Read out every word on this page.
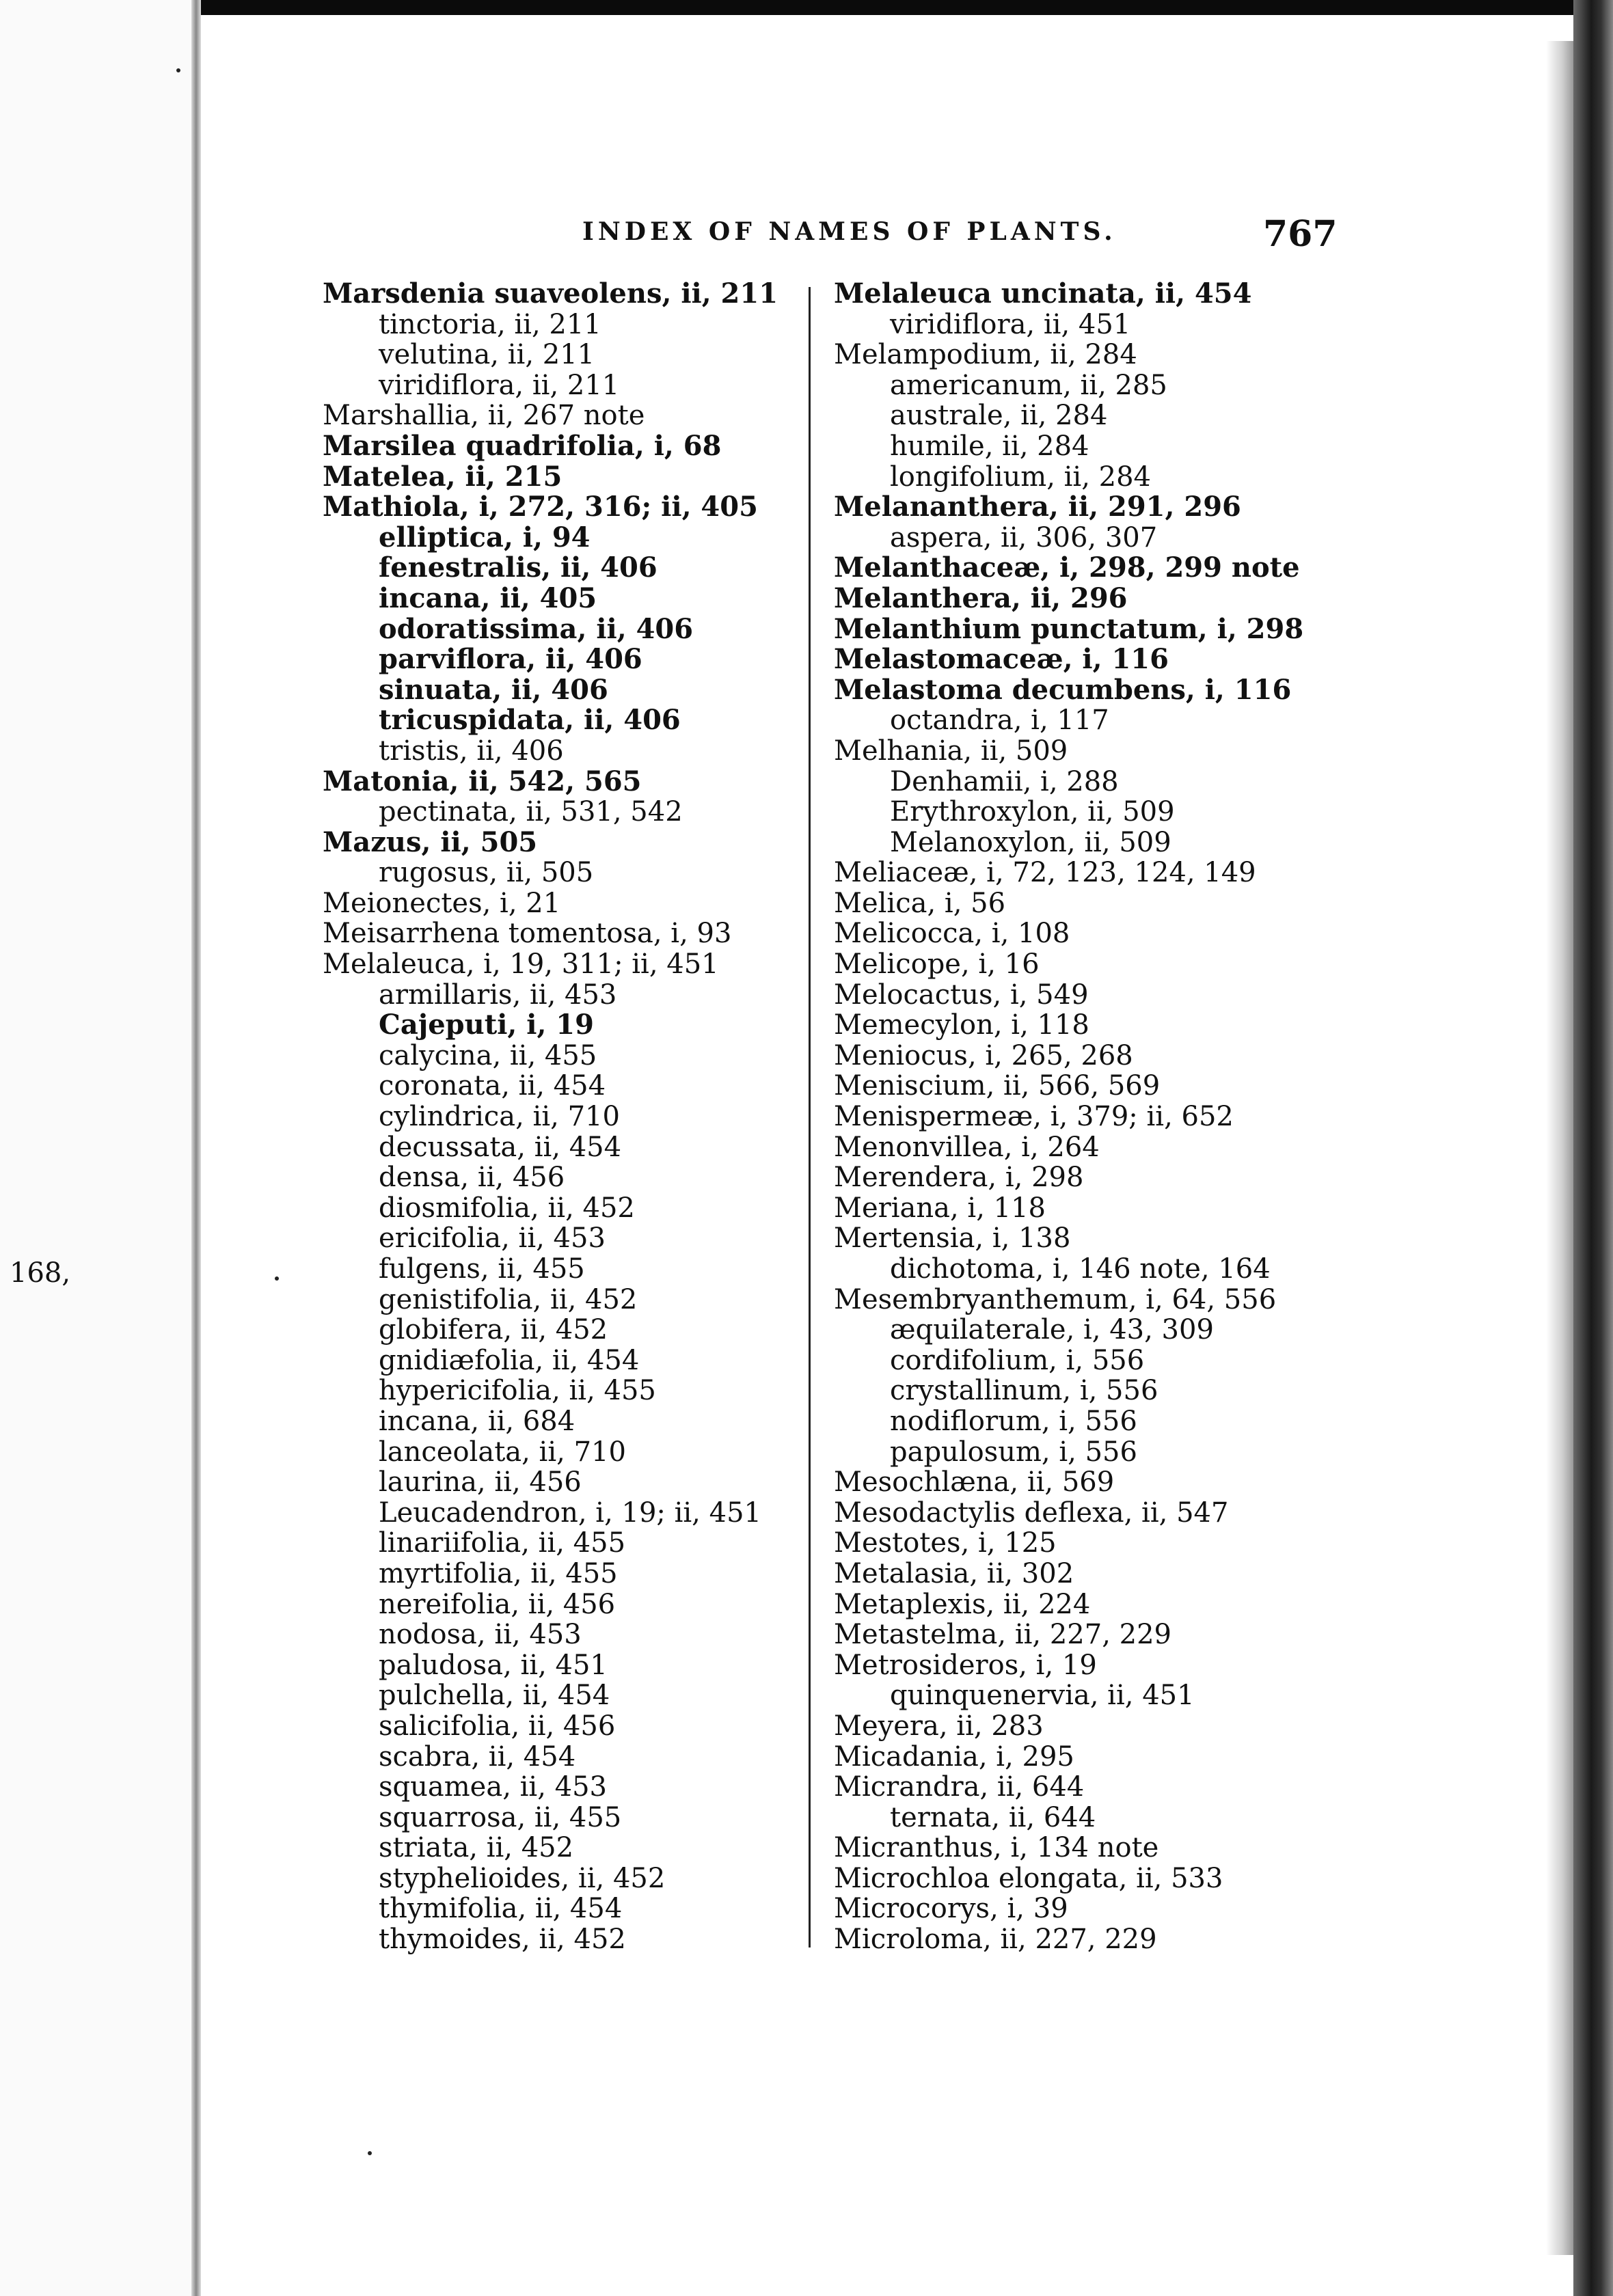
168,
INDEX OF NAMES OF PLANTS.	767
Marsdenia suaveolens, ii, 211
tinctoria, ii, 211
velutina, ii, 211
viridiflora, ii, 211
Marshallia, ii, 267 note
Marsilea quadrifolia, i, 68
Matelea, ii, 215
Mathiola, i, 272, 316; ii, 405
elliptica, i, 94
fenestralis, ii, 406
incana, ii, 405
odoratissima, ii, 406
parviflora, ii, 406
sinuata, ii, 406
tricuspidata, ii, 406
tristis, ii, 406
Matonia, ii, 542, 565
pectinata, ii, 531, 542
Mazus, ii, 505
rugosus, ii, 505
Meionectes, i, 21
Meisarrhena tomentosa, i, 93
Melaleuca, i, 19, 311; ii, 451
armillaris, ii, 453
Cajeputi, i, 19
calycina, ii, 455
coronata, ii, 454
cylindrica, ii, 710
decussata, ii, 454
densa, ii, 456
diosmifolia, ii, 452
ericifolia, ii, 453
fulgens, ii, 455
genistifolia, ii, 452
globifera, ii, 452
gnidiæfolia, ii, 454
hypericifolia, ii, 455
incana, ii, 684
lanceolata, ii, 710
laurina, ii, 456
Leucadendron, i, 19; ii, 451
linariifolia, ii, 455
myrtifolia, ii, 455
nereifolia, ii, 456
nodosa, ii, 453
paludosa, ii, 451
pulchella, ii, 454
salicifolia, ii, 456
scabra, ii, 454
squamea, ii, 453
squarrosa, ii, 455
striata, ii, 452
styphelioides, ii, 452
thymifolia, ii, 454
thymoides, ii, 452
Melaleuca uncinata, ii, 454
viridiflora, ii, 451
Melampodium, ii, 284
americanum, ii, 285
australe, ii, 284
humile, ii, 284
longifolium, ii, 284
Melananthera, ii, 291, 296
aspera, ii, 306, 307
Melanthaceæ, i, 298, 299 note
Melanthera, ii, 296
Melanthium punctatum, i, 298
Melastomaceæ, i, 116
Melastoma decumbens, i, 116
octandra, i, 117
Melhania, ii, 509
Denhamii, i, 288
Erythroxylon, ii, 509
Melanoxylon, ii, 509
Meliaceæ, i, 72, 123, 124, 149
Melica, i, 56
Melicocca, i, 108
Melicope, i, 16
Melocactus, i, 549
Memecylon, i, 118
Meniocus, i, 265, 268
Meniscium, ii, 566, 569
Menispermeæ, i, 379; ii, 652
Menonvillea, i, 264
Merendera, i, 298
Meriana, i, 118
Mertensia, i, 138
dichotoma, i, 146 note, 164
Mesembryanthemum, i, 64, 556
æquilaterale, i, 43, 309
cordifolium, i, 556
crystallinum, i, 556
nodiflorum, i, 556
papulosum, i, 556
Mesochlæna, ii, 569
Mesodactylis deflexa, ii, 547
Mestotes, i, 125
Metalasia, ii, 302
Metaplexis, ii, 224
Metastelma, ii, 227, 229
Metrosideros, i, 19
quinquenervia, ii, 451
Meyera, ii, 283
Micadania, i, 295
Micrandra, ii, 644
ternata, ii, 644
Micranthus, i, 134 note
Microchloa elongata, ii, 533
Microcorys, i, 39
Microloma, ii, 227, 229
